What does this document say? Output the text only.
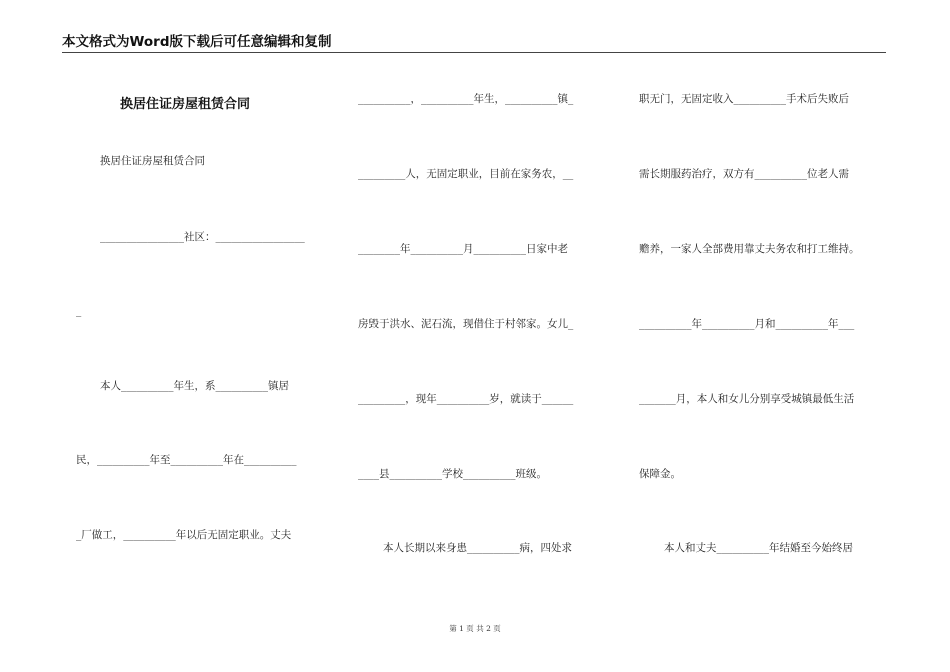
本文格式为Word版下载后可任意编辑和复制
换居住证房屋租赁合同
换居住证房屋租赁合同
________________社区：_________________
_
本人__________年生，系__________镇居
民，__________年至__________年在__________
_厂做工，__________年以后无固定职业。丈夫
__________，__________年生，__________镇_
_________人，无固定职业，目前在家务农，__
________年__________月__________日家中老
房毁于洪水、泥石流，现借住于村邻家。女儿_
_________，现年__________岁，就读于______
____县__________学校__________班级。
本人长期以来身患__________病，四处求
职无门，无固定收入__________手术后失败后
需长期服药治疗，双方有__________位老人需
赡养，一家人全部费用靠丈夫务农和打工维持。
__________年__________月和__________年___
_______月，本人和女儿分别享受城镇最低生活
保障金。
本人和丈夫__________年结婚至今始终居
第 1 页 共 2 页
